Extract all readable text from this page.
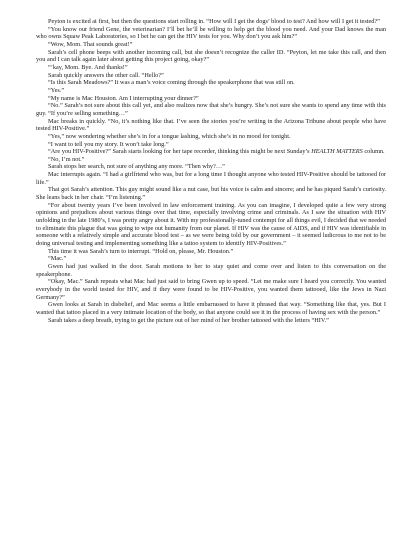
Peyton is excited at first, but then the questions start rolling in. “How will I get the dogs’ blood to test? And how will I get it tested?”

“You know our friend Gene, the veterinarian? I’ll bet he’ll be willing to help get the blood you need. And your Dad knows the man who owns Squaw Peak Laboratories, so I bet he can get the HIV tests for you. Why don’t you ask him?”

“Wow, Mom. That sounds great!”

Sarah’s cell phone beeps with another incoming call, but she doesn’t recognize the caller ID. “Peyton, let me take this call, and then you and I can talk again later about getting this project going, okay?”

“’kay, Mom. Bye. And thanks!”

Sarah quickly answers the other call. “Hello?”

“Is this Sarah Meadows?” It was a man’s voice coming through the speakerphone that was still on.

“Yes.”

“My name is Mac Houston. Am I interrupting your dinner?”

“No.” Sarah’s not sure about this call yet, and also realizes now that she’s hungry. She’s not sure she wants to spend any time with this guy. “If you’re selling something…”

Mac breaks in quickly. “No, it’s nothing like that. I’ve seen the stories you’re writing in the Arizona Tribune about people who have tested HIV-Positive.”

“Yes,” now wondering whether she’s in for a tongue lashing, which she’s in no mood for tonight.

“I want to tell you my story. It won’t take long.”

“Are you HIV-Positive?” Sarah starts looking for her tape recorder, thinking this might be next Sunday’s HEALTH MATTERS column.

“No, I’m not.”

Sarah stops her search, not sure of anything any more. “Then why?…”

Mac interrupts again. “I had a girlfriend who was, but for a long time I thought anyone who tested HIV-Positive should be tattooed for life.”

That got Sarah’s attention. This guy might sound like a nut case, but his voice is calm and sincere; and he has piqued Sarah’s curiosity. She leans back in her chair. “I’m listening.”

“For about twenty years I’ve been involved in law enforcement training. As you can imagine, I developed quite a few very strong opinions and prejudices about various things over that time, especially involving crime and criminals. As I saw the situation with HIV unfolding in the late 1980’s, I was pretty angry about it. With my professionally-tuned contempt for all things evil, I decided that we needed to eliminate this plague that was going to wipe out humanity from our planet. If HIV was the cause of AIDS, and if HIV was identifiable in someone with a relatively simple and accurate blood test – as we were being told by our government – it seemed ludicrous to me not to be doing universal testing and implementing something like a tattoo system to identify HIV-Positives.”

This time it was Sarah’s turn to interrupt. “Hold on, please, Mr. Houston.”

“Mac.”

Gwen had just walked in the door. Sarah motions to her to stay quiet and come over and listen to this conversation on the speakerphone.

“Okay, Mac.” Sarah repeats what Mac had just said to bring Gwen up to speed. “Let me make sure I heard you correctly. You wanted everybody in the world tested for HIV, and if they were found to be HIV-Positive, you wanted them tattooed, like the Jews in Nazi Germany?”

Gwen looks at Sarah in disbelief, and Mac seems a little embarrassed to have it phrased that way. “Something like that, yes. But I wanted that tattoo placed in a very intimate location of the body, so that anyone could see it in the process of having sex with the person.”

Sarah takes a deep breath, trying to get the picture out of her mind of her brother tattooed with the letters “HIV.”
